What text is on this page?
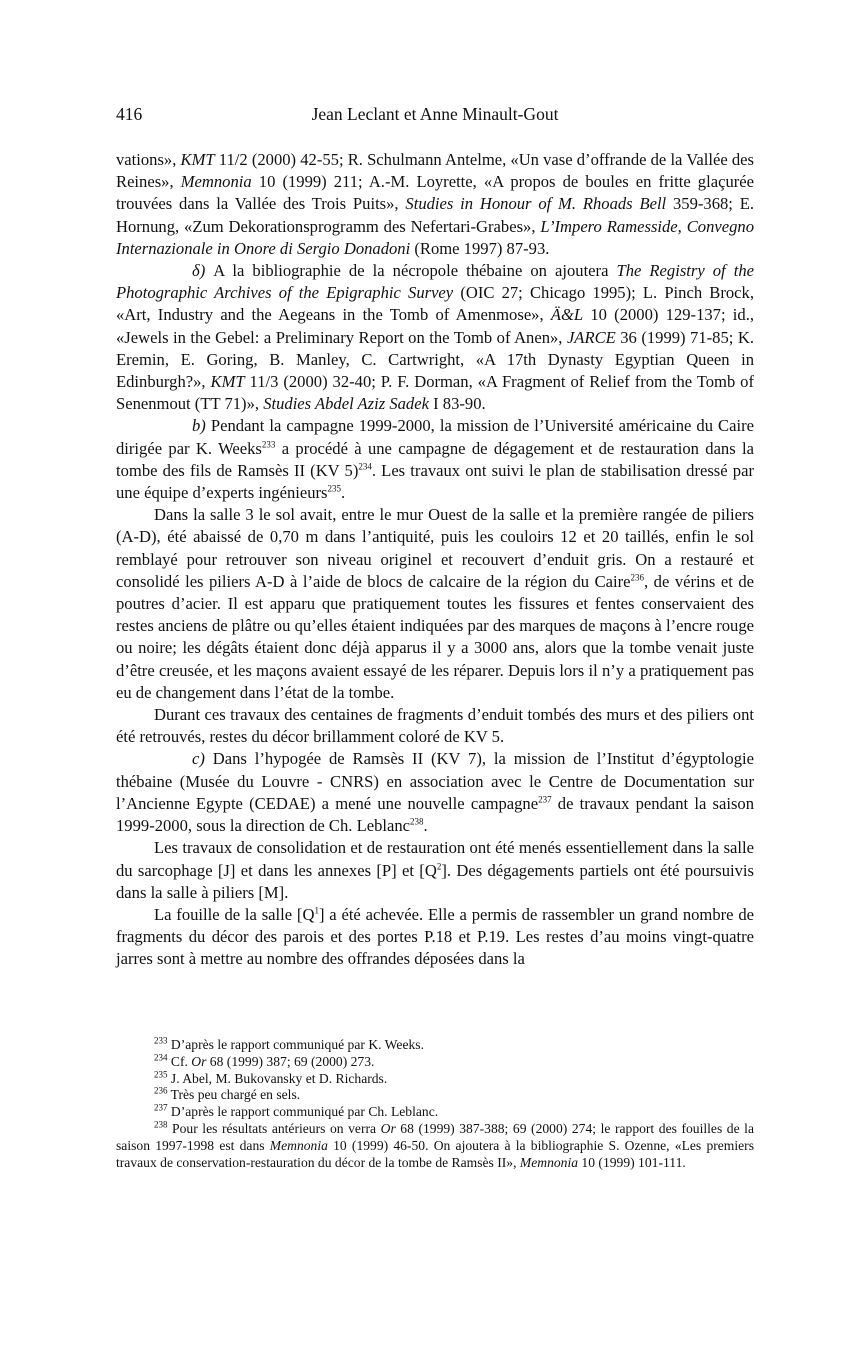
416	Jean Leclant et Anne Minault-Gout

vations», KMT 11/2 (2000) 42-55; R. Schulmann Antelme, «Un vase d’offrande de la Vallée des Reines», Memnonia 10 (1999) 211; A.-M. Loyrette, «A propos de boules en fritte glaçurée trouvées dans la Vallée des Trois Puits», Studies in Honour of M. Rhoads Bell 359-368; E. Hornung, «Zum Dekorationsprogramm des Nefertari-Grabes», L’Impero Ramesside, Convegno Internazionale in Onore di Sergio Donadoni (Rome 1997) 87-93.

δ) A la bibliographie de la nécropole thébaine on ajoutera The Registry of the Photographic Archives of the Epigraphic Survey (OIC 27; Chicago 1995); L. Pinch Brock, «Art, Industry and the Aegeans in the Tomb of Amenmose», Ä&L 10 (2000) 129-137; id., «Jewels in the Gebel: a Preliminary Report on the Tomb of Anen», JARCE 36 (1999) 71-85; K. Eremin, E. Goring, B. Manley, C. Cartwright, «A 17th Dynasty Egyptian Queen in Edinburgh?», KMT 11/3 (2000) 32-40; P. F. Dorman, «A Fragment of Relief from the Tomb of Senenmout (TT 71)», Studies Abdel Aziz Sadek I 83-90.

b) Pendant la campagne 1999-2000, la mission de l’Université américaine du Caire dirigée par K. Weeks$^{233}$ a procédé à une campagne de dégagement et de restauration dans la tombe des fils de Ramsès II (KV 5)$^{234}$. Les travaux ont suivi le plan de stabilisation dressé par une équipe d’experts ingénieurs$^{235}$.

Dans la salle 3 le sol avait, entre le mur Ouest de la salle et la première rangée de piliers (A-D), été abaissé de 0,70 m dans l’antiquité, puis les couloirs 12 et 20 taillés, enfin le sol remblayé pour retrouver son niveau originel et recouvert d’enduit gris. On a restauré et consolidé les piliers A-D à l’aide de blocs de calcaire de la région du Caire$^{236}$, de vérins et de poutres d’acier. Il est apparu que pratiquement toutes les fissures et fentes conservaient des restes anciens de plâtre ou qu’elles étaient indiquées par des marques de maçons à l’encre rouge ou noire; les dégâts étaient donc déjà apparus il y a 3000 ans, alors que la tombe venait juste d’être creusée, et les maçons avaient essayé de les réparer. Depuis lors il n’y a pratiquement pas eu de changement dans l’état de la tombe.

Durant ces travaux des centaines de fragments d’enduit tombés des murs et des piliers ont été retrouvés, restes du décor brillamment coloré de KV 5.

c) Dans l’hypogée de Ramsès II (KV 7), la mission de l’Institut d’égyptologie thébaine (Musée du Louvre - CNRS) en association avec le Centre de Documentation sur l’Ancienne Egypte (CEDAE) a mené une nouvelle campagne$^{237}$ de travaux pendant la saison 1999-2000, sous la direction de Ch. Leblanc$^{238}$.

Les travaux de consolidation et de restauration ont été menés essentiellement dans la salle du sarcophage [J] et dans les annexes [P] et $[Q^2]$. Des dégagements partiels ont été poursuivis dans la salle à piliers [M].

La fouille de la salle $[Q^1]$ a été achevée. Elle a permis de rassembler un grand nombre de fragments du décor des parois et des portes P.18 et P.19. Les restes d’au moins vingt-quatre jarres sont à mettre au nombre des offrandes déposées dans la

$^{233}$ D’après le rapport communiqué par K. Weeks.

$^{234}$ Cf. Or 68 (1999) 387; 69 (2000) 273.

$^{235}$ J. Abel, M. Bukovansky et D. Richards.

$^{236}$ Très peu chargé en sels.

$^{237}$ D’après le rapport communiqué par Ch. Leblanc.

$^{238}$ Pour les résultats antérieurs on verra Or 68 (1999) 387-388; 69 (2000) 274; le rapport des fouilles de la saison 1997-1998 est dans Memnonia 10 (1999) 46-50. On ajoutera à la bibliographie S. Ozenne, «Les premiers travaux de conservation-restauration du décor de la tombe de Ramsès II», Memnonia 10 (1999) 101-111.
